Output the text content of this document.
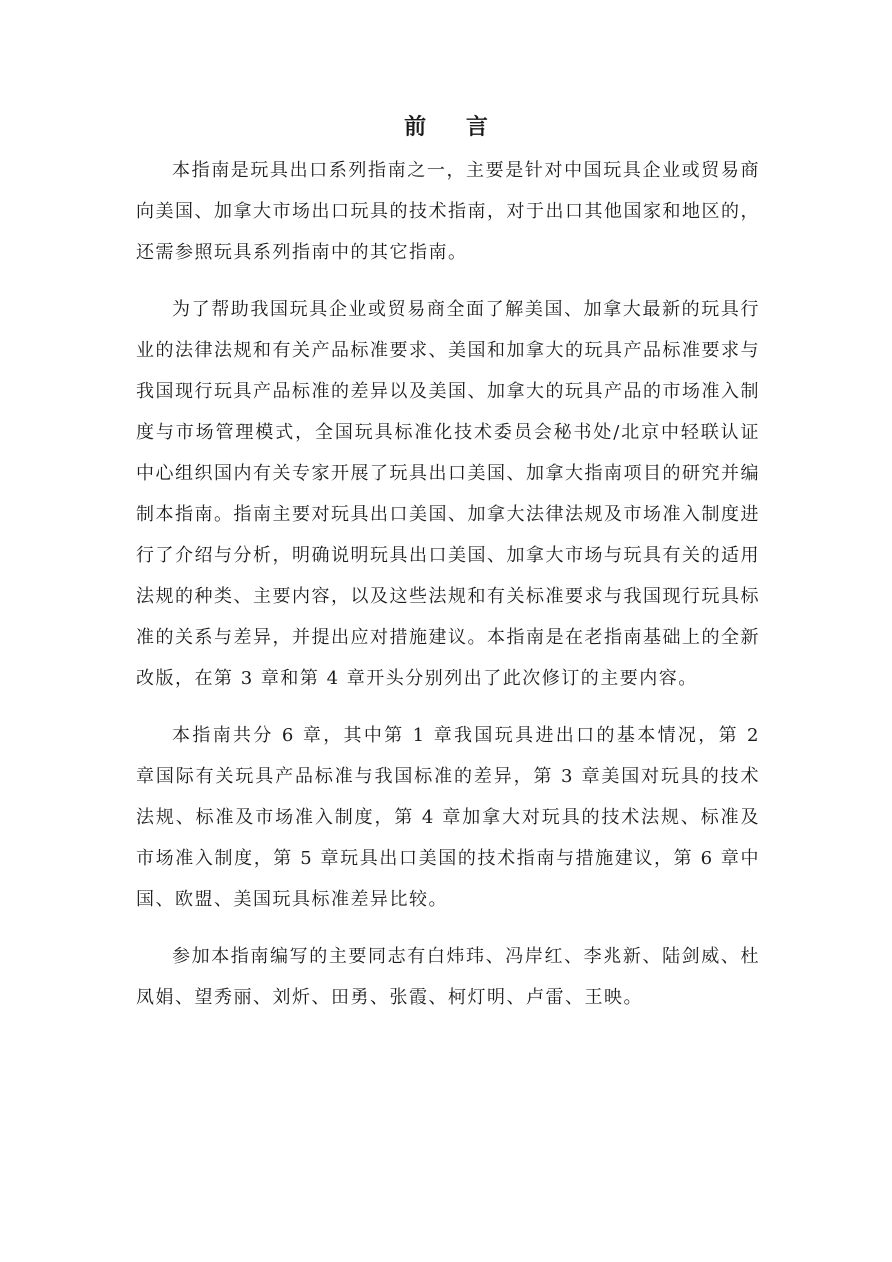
前 言

本指南是玩具出口系列指南之一，主要是针对中国玩具企业或贸易商向美国、加拿大市场出口玩具的技术指南，对于出口其他国家和地区的，还需参照玩具系列指南中的其它指南。

为了帮助我国玩具企业或贸易商全面了解美国、加拿大最新的玩具行业的法律法规和有关产品标准要求、美国和加拿大的玩具产品标准要求与我国现行玩具产品标准的差异以及美国、加拿大的玩具产品的市场准入制度与市场管理模式，全国玩具标准化技术委员会秘书处/北京中轻联认证中心组织国内有关专家开展了玩具出口美国、加拿大指南项目的研究并编制本指南。指南主要对玩具出口美国、加拿大法律法规及市场准入制度进行了介绍与分析，明确说明玩具出口美国、加拿大市场与玩具有关的适用法规的种类、主要内容，以及这些法规和有关标准要求与我国现行玩具标准的关系与差异，并提出应对措施建议。本指南是在老指南基础上的全新改版，在第 3 章和第 4 章开头分别列出了此次修订的主要内容。

本指南共分 6 章，其中第 1 章我国玩具进出口的基本情况，第 2 章国际有关玩具产品标准与我国标准的差异，第 3 章美国对玩具的技术法规、标准及市场准入制度，第 4 章加拿大对玩具的技术法规、标准及市场准入制度，第 5 章玩具出口美国的技术指南与措施建议，第 6 章中国、欧盟、美国玩具标准差异比较。

参加本指南编写的主要同志有白炜玮、冯岸红、李兆新、陆剑威、杜凤娟、望秀丽、刘炘、田勇、张霞、柯灯明、卢雷、王映。
